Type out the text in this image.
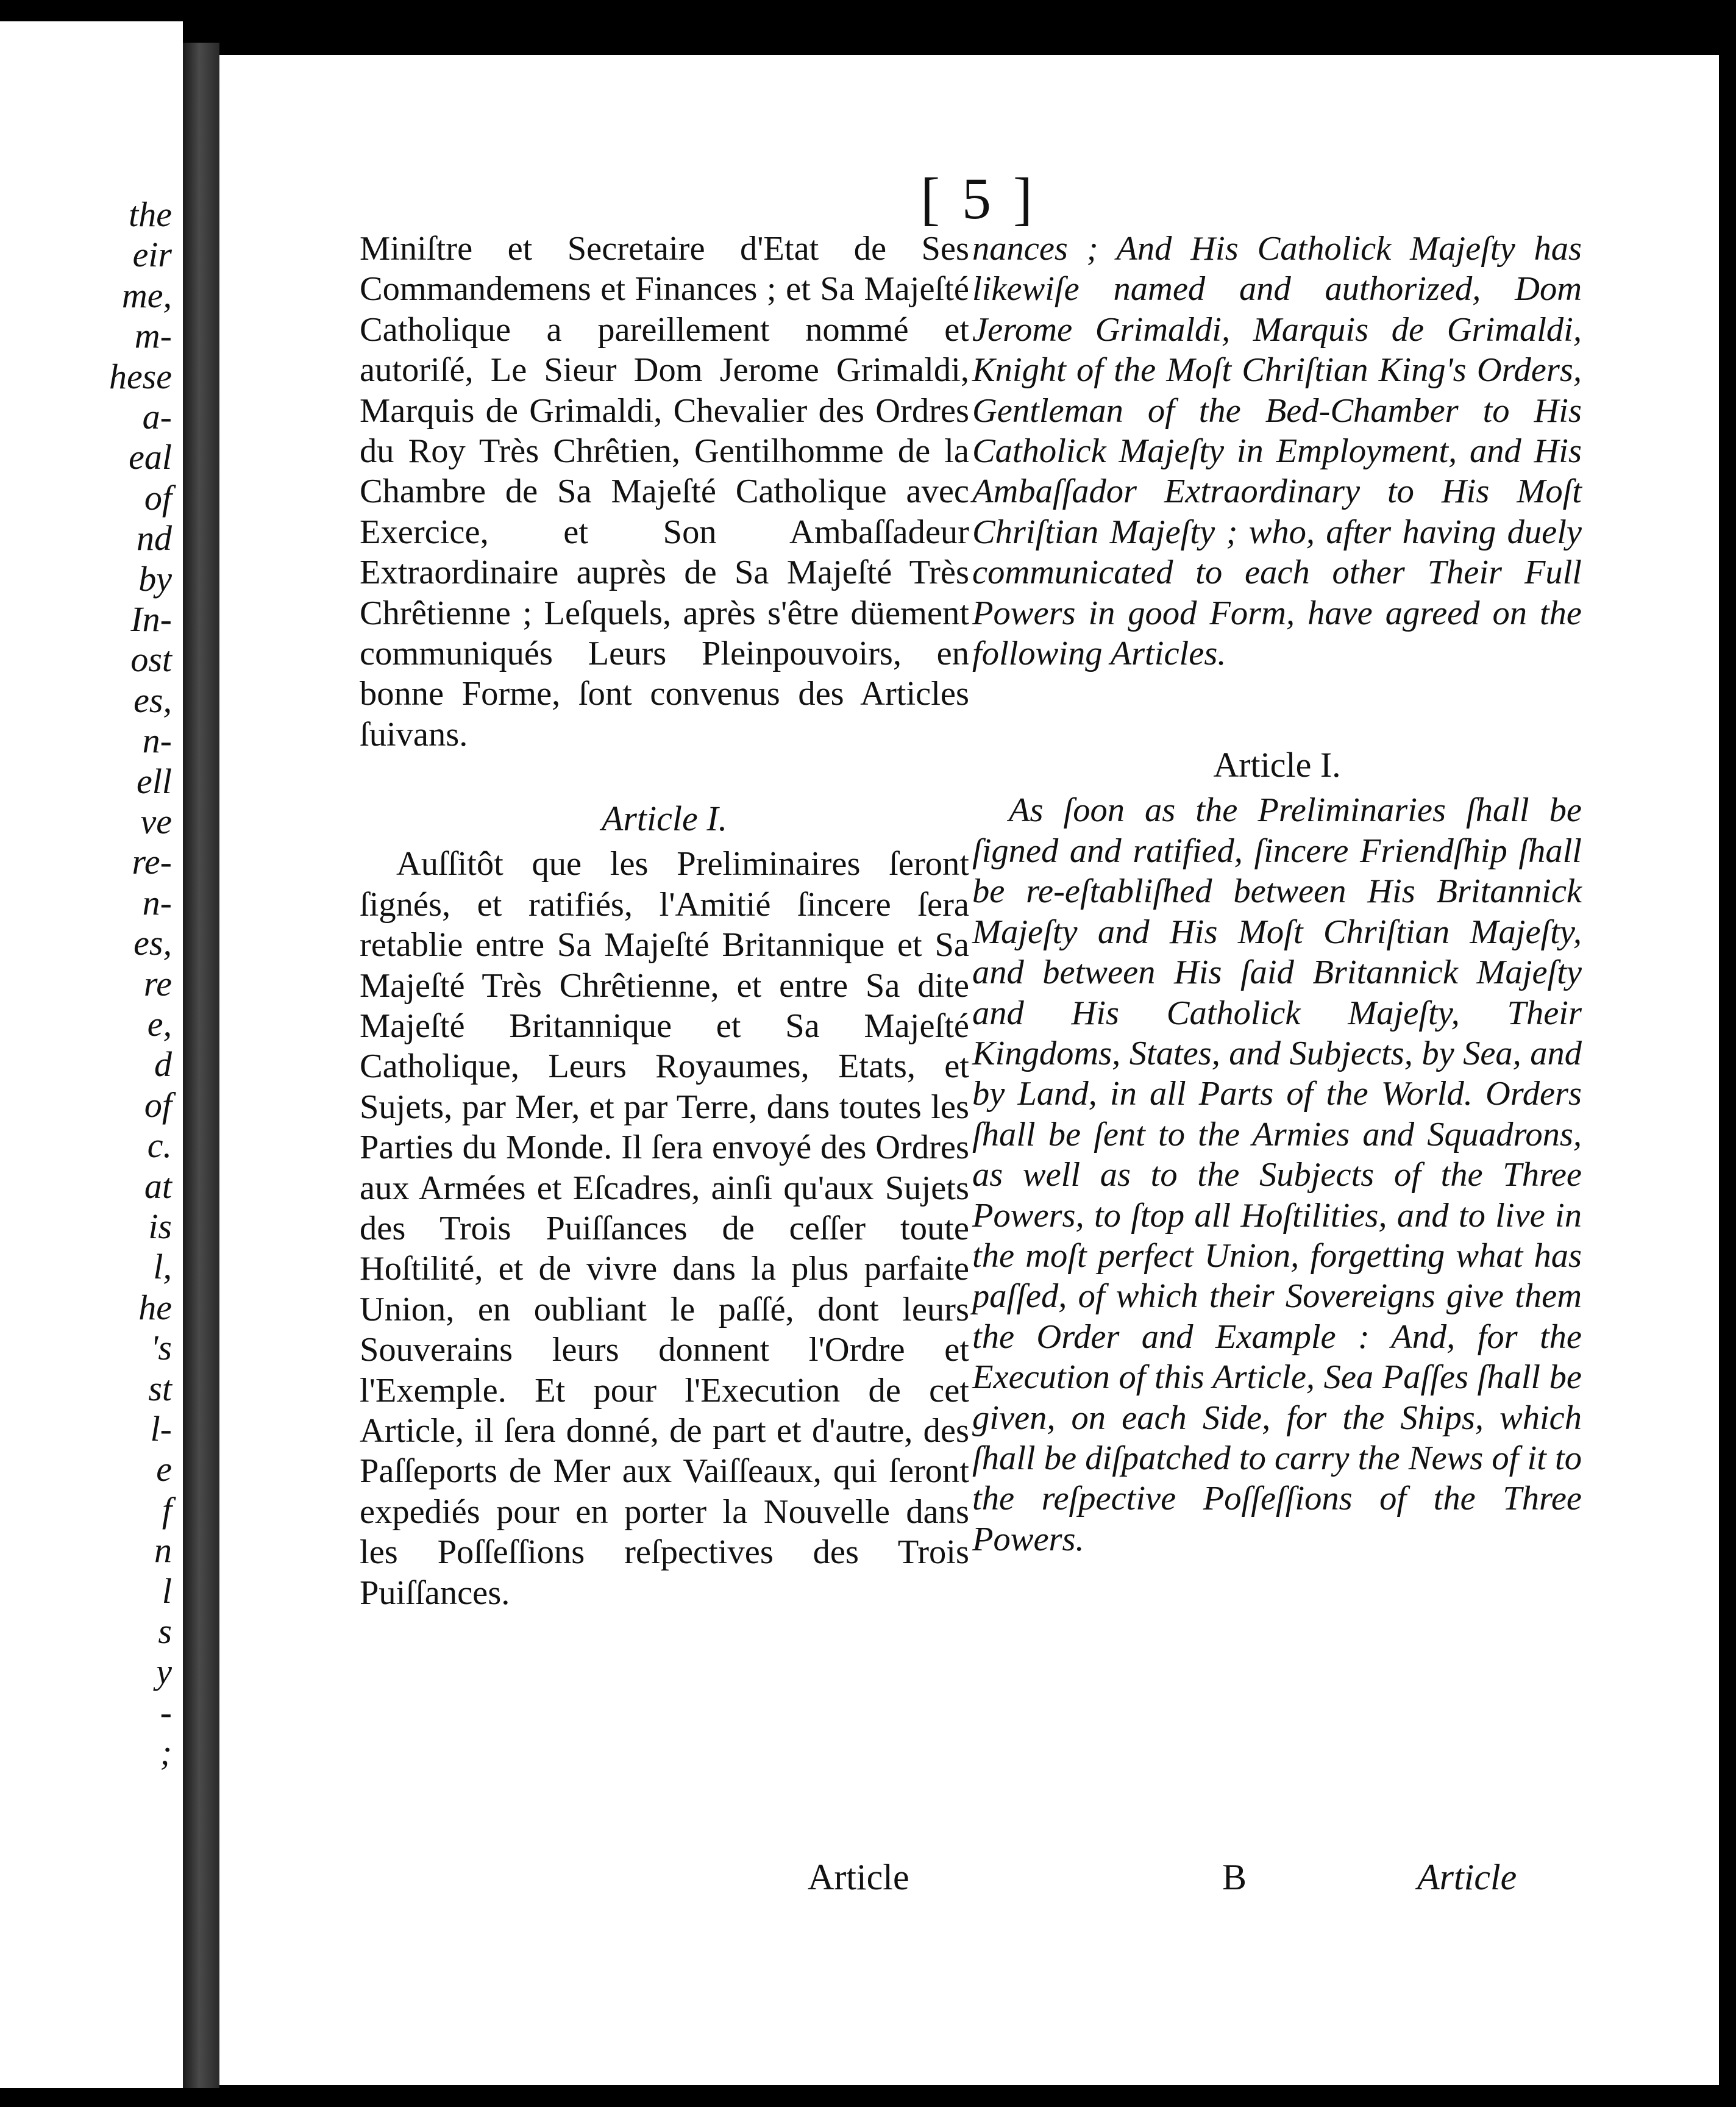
the
eir
me,
m-
hese
a-
eal
of
nd
by
In-
ost
es,
n-
ell
ve
re-
n-
es,
re
e,
d
of
c.
at
is
l,
he
's
st
l-
e
f
n
l
s
y
-
;
[ 5 ]

Miniſtre et Secretaire d'Etat de Ses Commandemens et Finances ; et Sa Majeſté Catholique a pareillement nommé et autoriſé, Le Sieur Dom Jerome Grimaldi, Marquis de Grimaldi, Chevalier des Ordres du Roy Très Chrêtien, Gentilhomme de la Chambre de Sa Majeſté Catholique avec Exercice, et Son Ambaſſadeur Extraordinaire auprès de Sa Majeſté Très Chrêtienne ; Leſquels, après s'être düement communiqués Leurs Pleinpouvoirs, en bonne Forme, ſont convenus des Articles ſuivans.

Article I.

Auſſitôt que les Preliminaires ſeront ſignés, et ratifiés, l'Amitié ſincere ſera retablie entre Sa Majeſté Britannique et Sa Majeſté Très Chrêtienne, et entre Sa dite Majeſté Britannique et Sa Majeſté Catholique, Leurs Royaumes, Etats, et Sujets, par Mer, et par Terre, dans toutes les Parties du Monde. Il ſera envoyé des Ordres aux Armées et Eſcadres, ainſi qu'aux Sujets des Trois Puiſſances de ceſſer toute Hoſtilité, et de vivre dans la plus parfaite Union, en oubliant le paſſé, dont leurs Souverains leurs donnent l'Ordre et l'Exemple. Et pour l'Execution de cet Article, il ſera donné, de part et d'autre, des Paſſeports de Mer aux Vaiſſeaux, qui ſeront expediés pour en porter la Nouvelle dans les Poſſeſſions reſpectives des Trois Puiſſances.

nances ; And His Catholick Majeſty has likewiſe named and authorized, Dom Jerome Grimaldi, Marquis de Grimaldi, Knight of the Moſt Chriſtian King's Orders, Gentleman of the Bed-Chamber to His Catholick Majeſty in Employment, and His Ambaſſador Extraordinary to His Moſt Chriſtian Majeſty ; who, after having duely communicated to each other Their Full Powers in good Form, have agreed on the following Articles.

Article I.

As ſoon as the Preliminaries ſhall be ſigned and ratified, ſincere Friendſhip ſhall be re-eſtabliſhed between His Britannick Majeſty and His Moſt Chriſtian Majeſty, and between His ſaid Britannick Majeſty and His Catholick Majeſty, Their Kingdoms, States, and Subjects, by Sea, and by Land, in all Parts of the World. Orders ſhall be ſent to the Armies and Squadrons, as well as to the Subjects of the Three Powers, to ſtop all Hoſtilities, and to live in the moſt perfect Union, forgetting what has paſſed, of which their Sovereigns give them the Order and Example : And, for the Execution of this Article, Sea Paſſes ſhall be given, on each Side, for the Ships, which ſhall be diſpatched to carry the News of it to the reſpective Poſſeſſions of the Three Powers.

Article	B	Article
